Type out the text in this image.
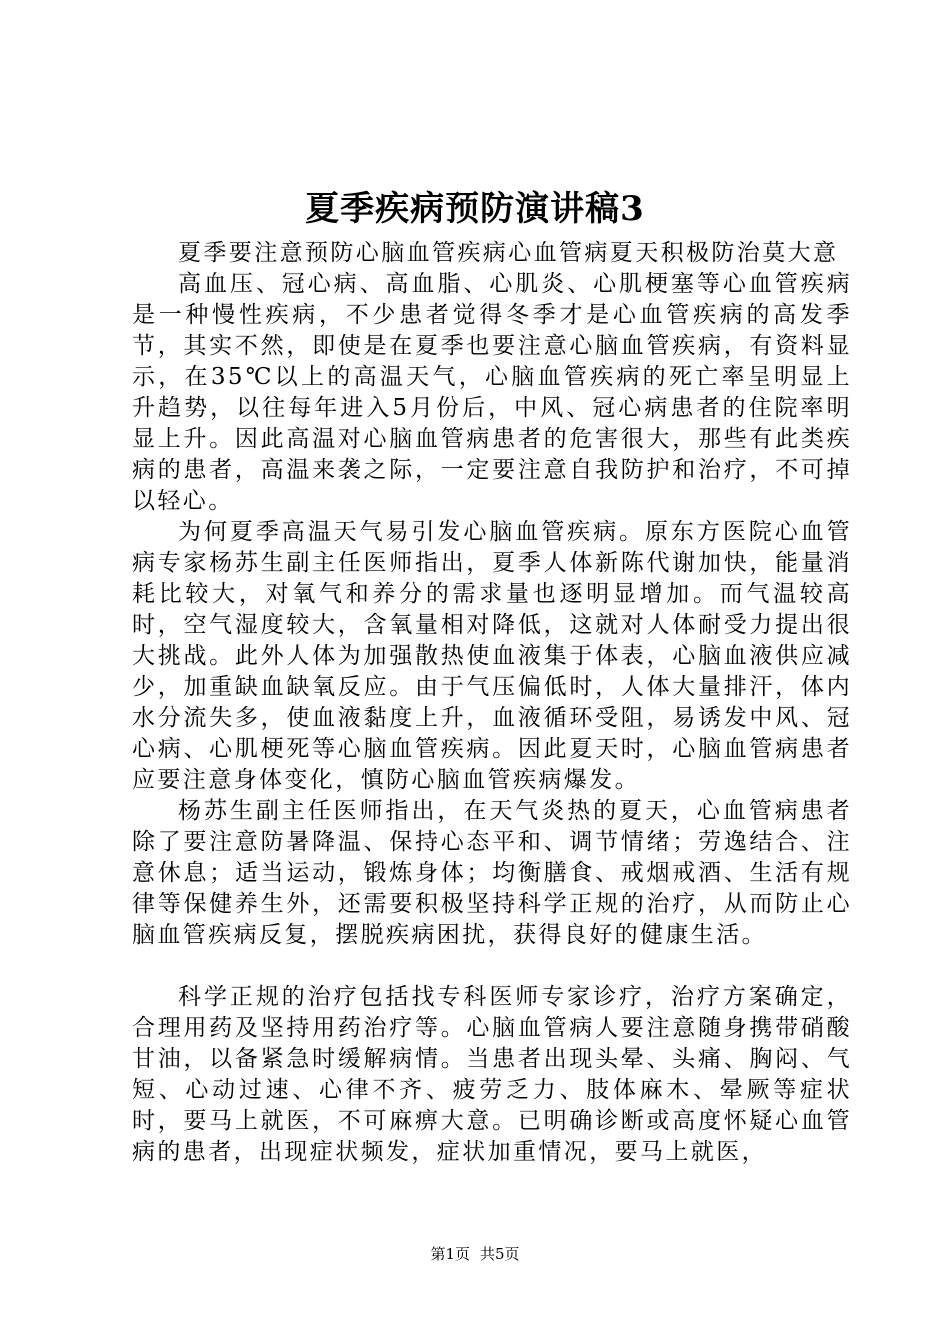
夏季疾病预防演讲稿3

夏季要注意预防心脑血管疾病心血管病夏天积极防治莫大意

高血压、冠心病、高血脂、心肌炎、心肌梗塞等心血管疾病是一种慢性疾病，不少患者觉得冬季才是心血管疾病的高发季节，其实不然，即使是在夏季也要注意心脑血管疾病，有资料显示，在35℃以上的高温天气，心脑血管疾病的死亡率呈明显上升趋势，以往每年进入5月份后，中风、冠心病患者的住院率明显上升。因此高温对心脑血管病患者的危害很大，那些有此类疾病的患者，高温来袭之际，一定要注意自我防护和治疗，不可掉以轻心。

为何夏季高温天气易引发心脑血管疾病。原东方医院心血管病专家杨苏生副主任医师指出，夏季人体新陈代谢加快，能量消耗比较大，对氧气和养分的需求量也逐明显增加。而气温较高时，空气湿度较大，含氧量相对降低，这就对人体耐受力提出很大挑战。此外人体为加强散热使血液集于体表，心脑血液供应减少，加重缺血缺氧反应。由于气压偏低时，人体大量排汗，体内水分流失多，使血液黏度上升，血液循环受阻，易诱发中风、冠心病、心肌梗死等心脑血管疾病。因此夏天时，心脑血管病患者应要注意身体变化，慎防心脑血管疾病爆发。

杨苏生副主任医师指出，在天气炎热的夏天，心血管病患者除了要注意防暑降温、保持心态平和、调节情绪；劳逸结合、注意休息；适当运动，锻炼身体；均衡膳食、戒烟戒酒、生活有规律等保健养生外，还需要积极坚持科学正规的治疗，从而防止心脑血管疾病反复，摆脱疾病困扰，获得良好的健康生活。

科学正规的治疗包括找专科医师专家诊疗，治疗方案确定，合理用药及坚持用药治疗等。心脑血管病人要注意随身携带硝酸甘油，以备紧急时缓解病情。当患者出现头晕、头痛、胸闷、气短、心动过速、心律不齐、疲劳乏力、肢体麻木、晕厥等症状时，要马上就医，不可麻痹大意。已明确诊断或高度怀疑心血管病的患者，出现症状频发，症状加重情况，要马上就医，

第1页 共5页
